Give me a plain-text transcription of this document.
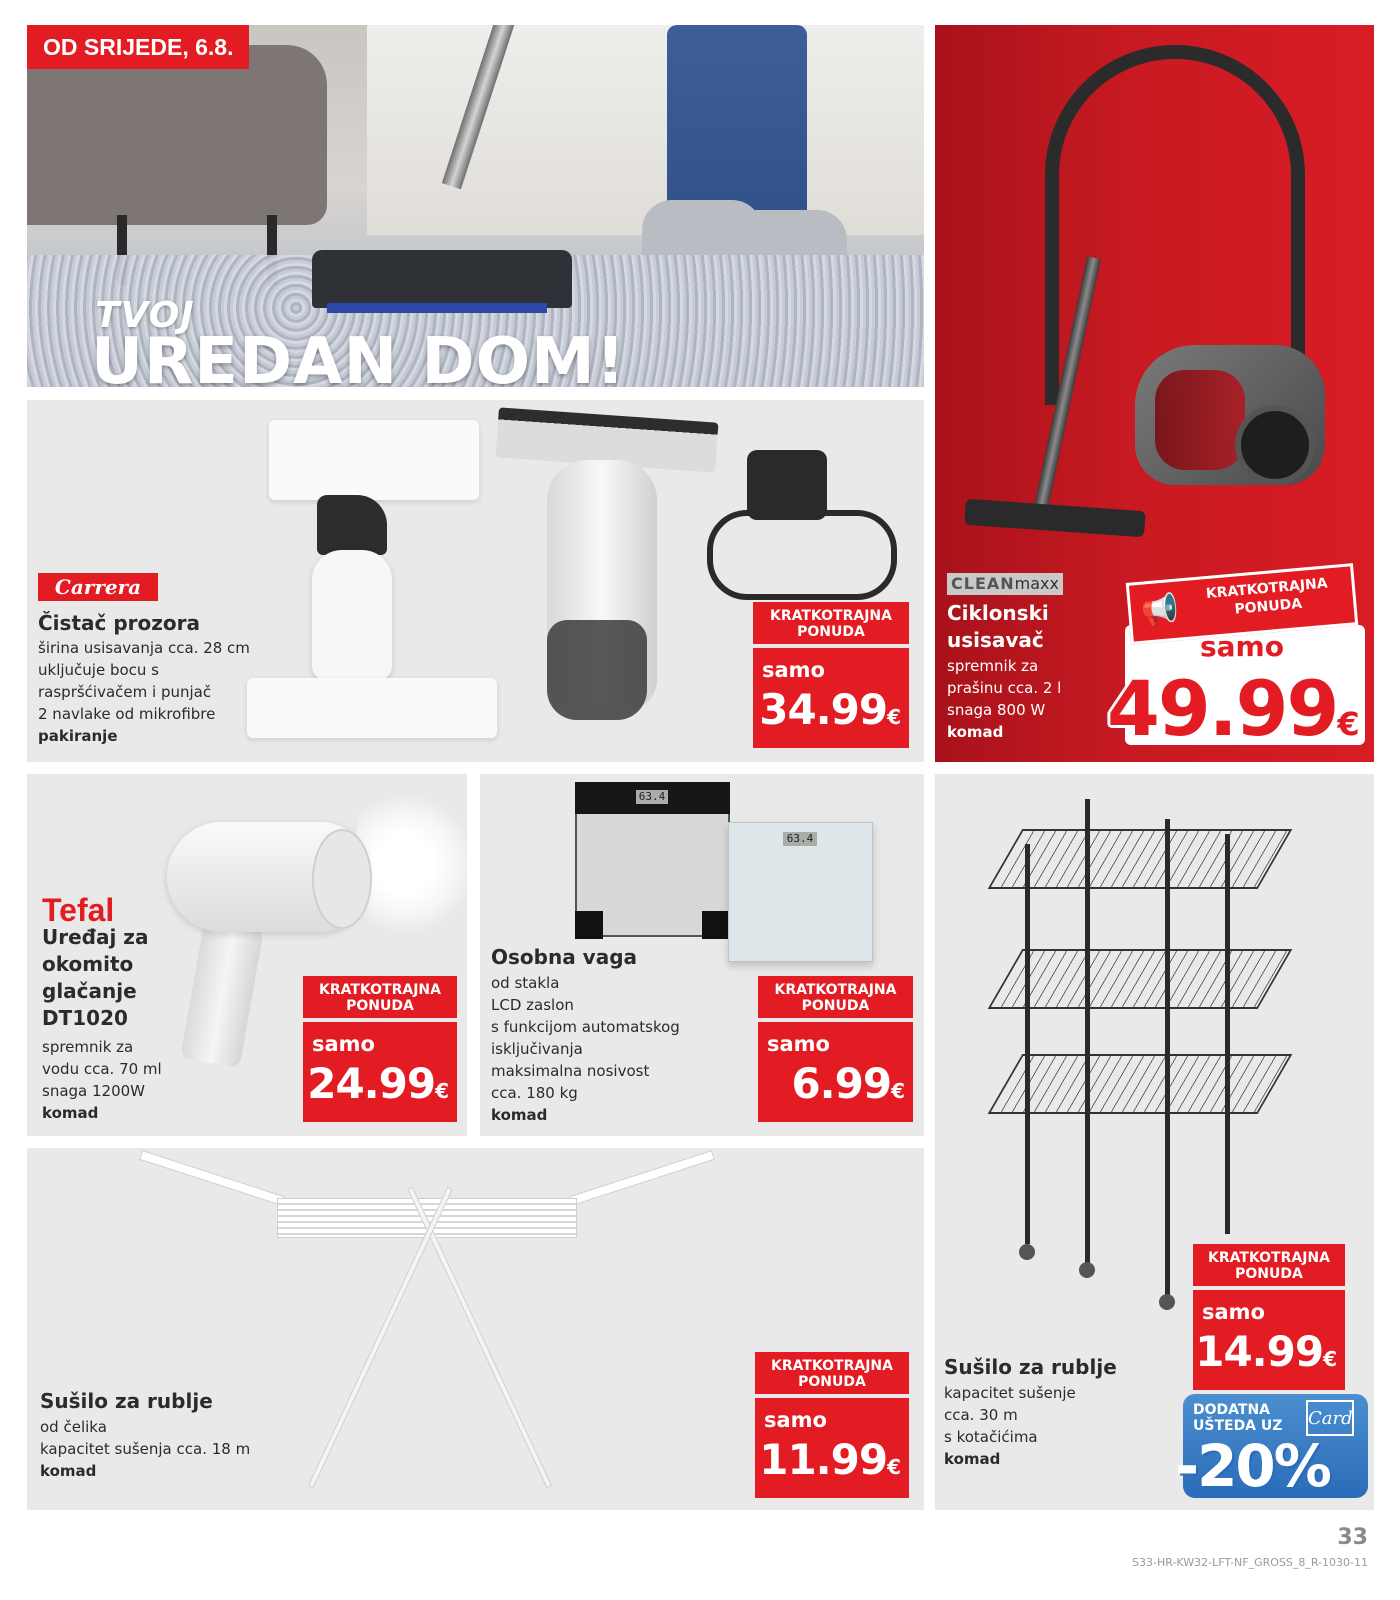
TVOJ
UREDAN DOM!
OD SRIJEDE, 6.8.
CLEANmaxx
Ciklonski usisavač
spremnik za
prašinu cca. 2 l
snaga 800 W
komad
📢
KRATKOTRAJNA
PONUDA
samo
49.99€
Carrera
Čistač prozora
širina usisavanja cca. 28 cm
uključuje bocu s
raspršćivačem i punjač
2 navlake od mikrofibre
pakiranje
KRATKOTRAJNA
PONUDA
samo
34.99€
Tefal
Uređaj za okomito glačanje DT1020
spremnik za
vodu cca. 70 ml
snaga 1200W
komad
KRATKOTRAJNA
PONUDA
samo
24.99€
63.4
63.4
Osobna vaga
od stakla
LCD zaslon
s funkcijom automatskog
isključivanja
maksimalna nosivost
cca. 180 kg
komad
KRATKOTRAJNA
PONUDA
samo
6.99€
Sušilo za rublje
od čelika
kapacitet sušenja cca. 18 m
komad
KRATKOTRAJNA
PONUDA
samo
11.99€
Sušilo za rublje
kapacitet sušenje
cca. 30 m
s kotačićima
komad
KRATKOTRAJNA
PONUDA
samo
14.99€
DODATNA
UŠTEDA UZ Card
-20%
33
S33-HR-KW32-LFT-NF_GROSS_8_R-1030-11
